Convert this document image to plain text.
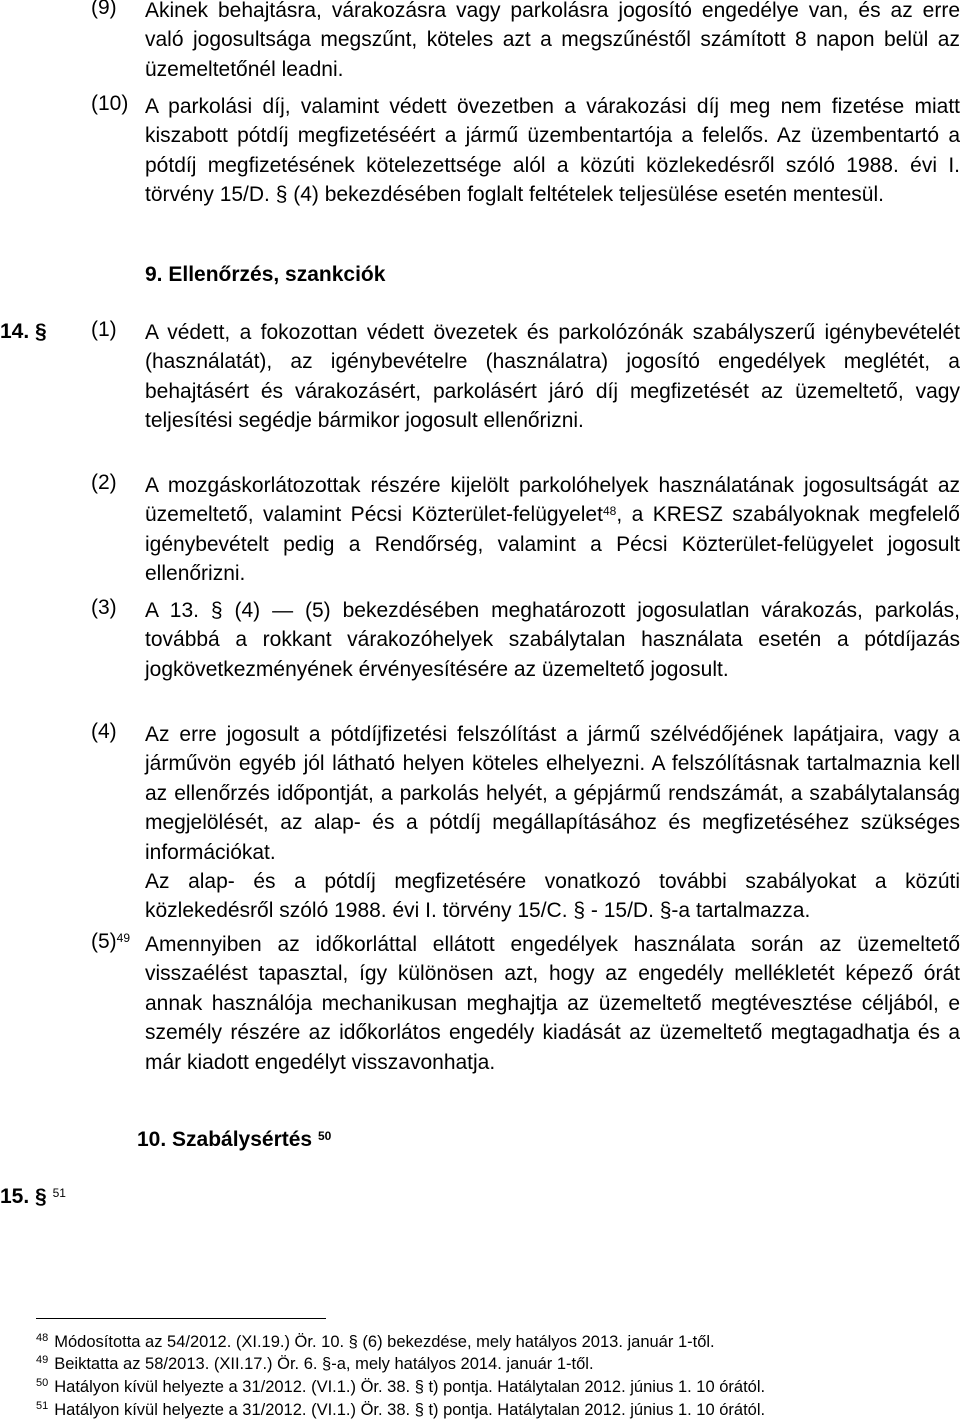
(9) Akinek behajtásra, várakozásra vagy parkolásra jogosító engedélye van, és az erre való jogosultsága megszűnt, köteles azt a megszűnéstől számított 8 napon belül az üzemeltetőnél leadni.
(10) A parkolási díj, valamint védett övezetben a várakozási díj meg nem fizetése miatt kiszabott pótdíj megfizetéséért a jármű üzembentartója a felelős. Az üzembentartó a pótdíj megfizetésének kötelezettsége alól a közúti közlekedésről szóló 1988. évi I. törvény 15/D. § (4) bekezdésében foglalt feltételek teljesülése esetén mentesül.
9. Ellenőrzés, szankciók
14. § (1) A védett, a fokozottan védett övezetek és parkolózónák szabályszerű igénybevételét (használatát), az igénybevételre (használatra) jogosító engedélyek meglétét, a behajtásért és várakozásért, parkolásért járó díj megfizetését az üzemeltető, vagy teljesítési segédje bármikor jogosult ellenőrizni.
(2) A mozgáskorlátozottak részére kijelölt parkolóhelyek használatának jogosultságát az üzemeltető, valamint Pécsi Közterület-felügyelet$^{48}$, a KRESZ szabályoknak megfelelő igénybevételt pedig a Rendőrség, valamint a Pécsi Közterület-felügyelet jogosult ellenőrizni.
(3) A 13. § (4) — (5) bekezdésében meghatározott jogosulatlan várakozás, parkolás, továbbá a rokkant várakozóhelyek szabálytalan használata esetén a pótdíjazás jogkövetkezményének érvényesítésére az üzemeltető jogosult.
(4) Az erre jogosult a pótdíjfizetési felszólítást a jármű szélvédőjének lapátjaira, vagy a járművön egyéb jól látható helyen köteles elhelyezni. A felszólításnak tartalmaznia kell az ellenőrzés időpontját, a parkolás helyét, a gépjármű rendszámát, a szabálytalanság megjelölését, az alap- és a pótdíj megállapításához és megfizetéséhez szükséges információkat.
Az alap- és a pótdíj megfizetésére vonatkozó további szabályokat a közúti közlekedésről szóló 1988. évi I. törvény 15/C. § - 15/D. §-a tartalmazza.
$(5)^{49}$ Amennyiben az időkorláttal ellátott engedélyek használata során az üzemeltető visszaélést tapasztal, így különösen azt, hogy az engedély mellékletét képező órát annak használója mechanikusan meghajtja az üzemeltető megtévesztése céljából, e személy részére az időkorlátos engedély kiadását az üzemeltető megtagadhatja és a már kiadott engedélyt visszavonhatja.
10. Szabálysértés $^{50}$
15. § $^{51}$
$^{48}$ Módosította az 54/2012. (XI.19.) Ör. 10. § (6) bekezdése, mely hatályos 2013. január 1-től.
$^{49}$ Beiktatta az 58/2013. (XII.17.) Ör. 6. §-a, mely hatályos 2014. január 1-től.
$^{50}$ Hatályon kívül helyezte a 31/2012. (VI.1.) Ör. 38. § t) pontja. Hatálytalan 2012. június 1. 10 órától.
$^{51}$ Hatályon kívül helyezte a 31/2012. (VI.1.) Ör. 38. § t) pontja. Hatálytalan 2012. június 1. 10 órától.
